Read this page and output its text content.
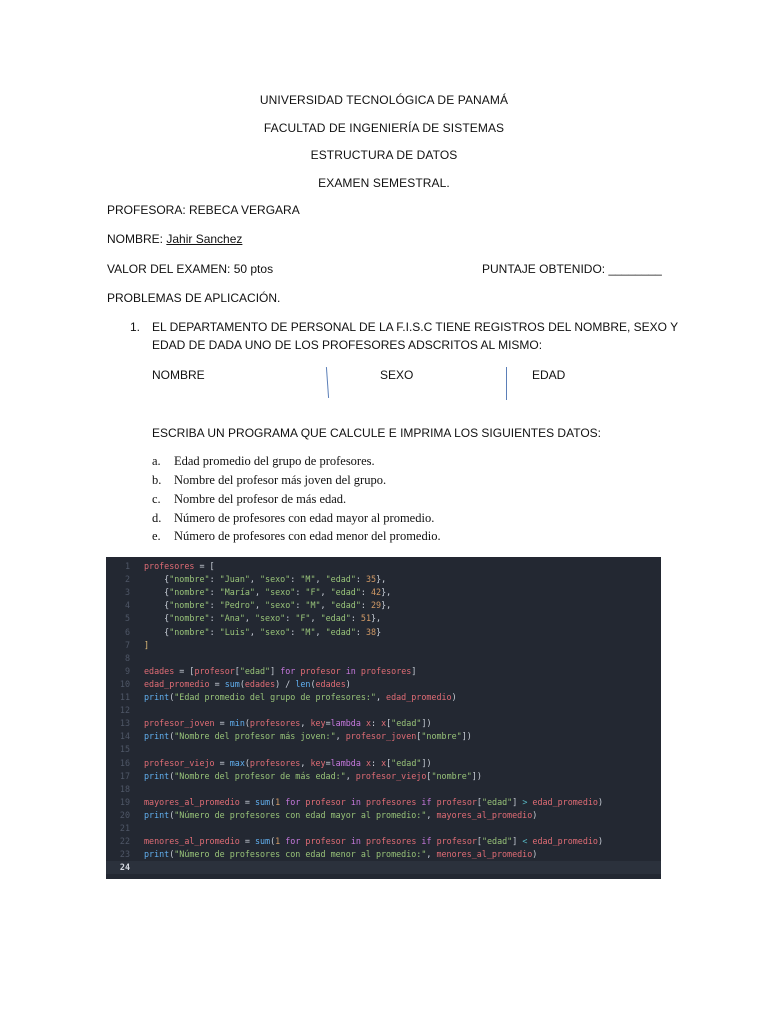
UNIVERSIDAD TECNOLÓGICA DE PANAMÁ
FACULTAD DE INGENIERÍA DE SISTEMAS
ESTRUCTURA DE DATOS
EXAMEN SEMESTRAL.
PROFESORA: REBECA VERGARA
NOMBRE: Jahir Sanchez
VALOR DEL EXAMEN: 50 ptos	PUNTAJE OBTENIDO: ________
PROBLEMAS DE APLICACIÓN.
1. EL DEPARTAMENTO DE PERSONAL DE LA F.I.S.C TIENE REGISTROS DEL NOMBRE, SEXO Y
EDAD DE DADA UNO DE LOS PROFESORES ADSCRITOS AL MISMO:
NOMBRE	SEXO	EDAD
ESCRIBA UN PROGRAMA QUE CALCULE E IMPRIMA LOS SIGUIENTES DATOS:
a. Edad promedio del grupo de profesores.
b. Nombre del profesor más joven del grupo.
c. Nombre del profesor de más edad.
d. Número de profesores con edad mayor al promedio.
e. Número de profesores con edad menor del promedio.
1 profesores = [
2 {"nombre": "Juan", "sexo": "M", "edad": 35},
3 {"nombre": "María", "sexo": "F", "edad": 42},
4 {"nombre": "Pedro", "sexo": "M", "edad": 29},
5 {"nombre": "Ana", "sexo": "F", "edad": 51},
6 {"nombre": "Luis", "sexo": "M", "edad": 38}
7 ]
8
9 edades = [profesor["edad"] for profesor in profesores]
10 edad_promedio = sum(edades) / len(edades)
11 print("Edad promedio del grupo de profesores:", edad_promedio)
12
13 profesor_joven = min(profesores, key=lambda x: x["edad"])
14 print("Nombre del profesor más joven:", profesor_joven["nombre"])
15
16 profesor_viejo = max(profesores, key=lambda x: x["edad"])
17 print("Nombre del profesor de más edad:", profesor_viejo["nombre"])
18
19 mayores_al_promedio = sum(1 for profesor in profesores if profesor["edad"] > edad_promedio)
20 print("Número de profesores con edad mayor al promedio:", mayores_al_promedio)
21
22 menores_al_promedio = sum(1 for profesor in profesores if profesor["edad"] < edad_promedio)
23 print("Número de profesores con edad menor al promedio:", menores_al_promedio)
24
